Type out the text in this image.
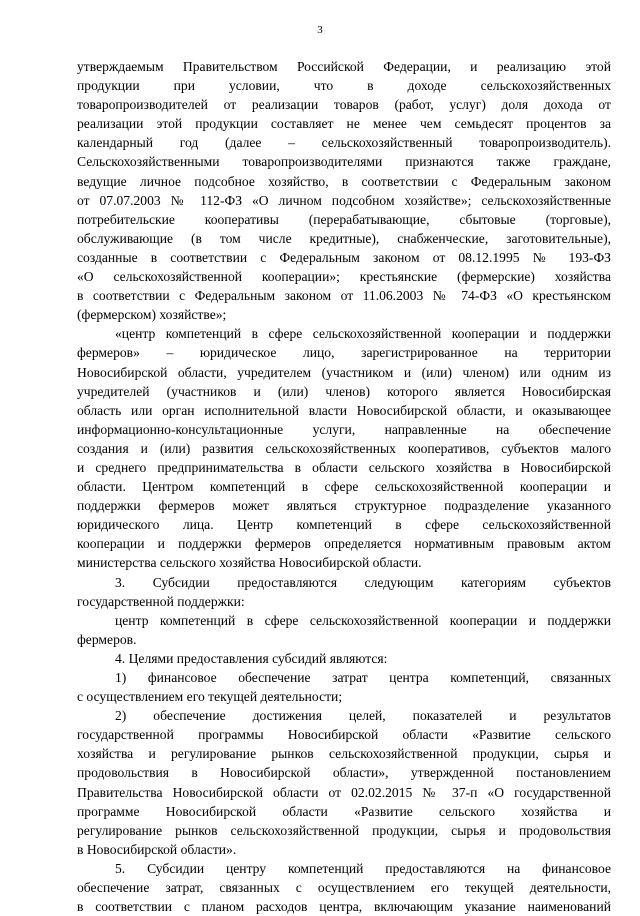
3

утверждаемым Правительством Российской Федерации, и реализацию этой

продукции при условии, что в доходе сельскохозяйственных

товаропроизводителей от реализации товаров (работ, услуг) доля дохода от

реализации этой продукции составляет не менее чем семьдесят процентов за

календарный год (далее – сельскохозяйственный товаропроизводитель).

Сельскохозяйственными товаропроизводителями признаются также граждане,

ведущие личное подсобное хозяйство, в соответствии с Федеральным законом

от 07.07.2003 № 112-ФЗ «О личном подсобном хозяйстве»; сельскохозяйственные

потребительские кооперативы (перерабатывающие, сбытовые (торговые),

обслуживающие (в том числе кредитные), снабженческие, заготовительные),

созданные в соответствии с Федеральным законом от 08.12.1995 № 193-ФЗ

«О сельскохозяйственной кооперации»; крестьянские (фермерские) хозяйства

в соответствии с Федеральным законом от 11.06.2003 № 74-ФЗ «О крестьянском

(фермерском) хозяйстве»;

«центр компетенций в сфере сельскохозяйственной кооперации и поддержки

фермеров» – юридическое лицо, зарегистрированное на территории

Новосибирской области, учредителем (участником и (или) членом) или одним из

учредителей (участников и (или) членов) которого является Новосибирская

область или орган исполнительной власти Новосибирской области, и оказывающее

информационно-консультационные услуги, направленные на обеспечение

создания и (или) развития сельскохозяйственных кооперативов, субъектов малого

и среднего предпринимательства в области сельского хозяйства в Новосибирской

области. Центром компетенций в сфере сельскохозяйственной кооперации и

поддержки фермеров может являться структурное подразделение указанного

юридического лица. Центр компетенций в сфере сельскохозяйственной

кооперации и поддержки фермеров определяется нормативным правовым актом

министерства сельского хозяйства Новосибирской области.

3. Субсидии предоставляются следующим категориям субъектов

государственной поддержки:

центр компетенций в сфере сельскохозяйственной кооперации и поддержки

фермеров.

4. Целями предоставления субсидий являются:

1) финансовое обеспечение затрат центра компетенций, связанных

с осуществлением его текущей деятельности;

2) обеспечение достижения целей, показателей и результатов

государственной программы Новосибирской области «Развитие сельского

хозяйства и регулирование рынков сельскохозяйственной продукции, сырья и

продовольствия в Новосибирской области», утвержденной постановлением

Правительства Новосибирской области от 02.02.2015 № 37-п «О государственной

программе Новосибирской области «Развитие сельского хозяйства и

регулирование рынков сельскохозяйственной продукции, сырья и продовольствия

в Новосибирской области».

5. Субсидии центру компетенций предоставляются на финансовое

обеспечение затрат, связанных с осуществлением его текущей деятельности,

в соответствии с планом расходов центра, включающим указание наименований
